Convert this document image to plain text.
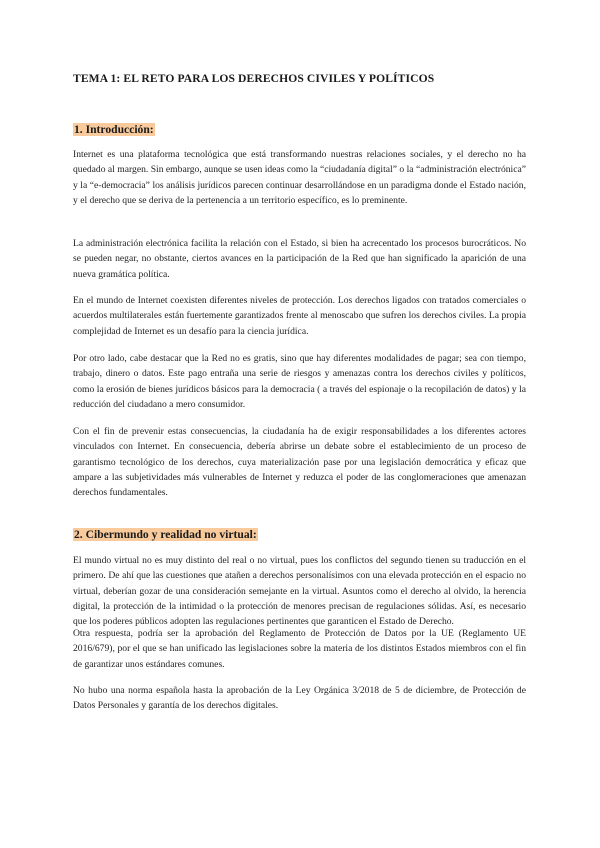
TEMA 1: EL RETO PARA LOS DERECHOS CIVILES Y POLÍTICOS
1. Introducción:

Internet es una plataforma tecnológica que está transformando nuestras relaciones sociales, y el derecho no ha quedado al margen. Sin embargo, aunque se usen ideas como la “ciudadanía digital” o la “administración electrónica” y la “e-democracia” los análisis jurídicos parecen continuar desarrollándose en un paradigma donde el Estado nación, y el derecho que se deriva de la pertenencia a un territorio específico, es lo preminente.

La administración electrónica facilita la relación con el Estado, si bien ha acrecentado los procesos burocráticos. No se pueden negar, no obstante, ciertos avances en la participación de la Red que han significado la aparición de una nueva gramática política.

En el mundo de Internet coexisten diferentes niveles de protección. Los derechos ligados con tratados comerciales o acuerdos multilaterales están fuertemente garantizados frente al menoscabo que sufren los derechos civiles. La propia complejidad de Internet es un desafío para la ciencia jurídica.

Por otro lado, cabe destacar que la Red no es gratis, sino que hay diferentes modalidades de pagar; sea con tiempo, trabajo, dinero o datos. Este pago entraña una serie de riesgos y amenazas contra los derechos civiles y políticos, como la erosión de bienes jurídicos básicos para la democracia ( a través del espionaje o la recopilación de datos) y la reducción del ciudadano a mero consumidor.

Con el fin de prevenir estas consecuencias, la ciudadanía ha de exigir responsabilidades a los diferentes actores vinculados con Internet. En consecuencia, debería abrirse un debate sobre el establecimiento de un proceso de garantismo tecnológico de los derechos, cuya materialización pase por una legislación democrática y eficaz que ampare a las subjetividades más vulnerables de Internet y reduzca el poder de las conglomeraciones que amenazan derechos fundamentales.

2. Cibermundo y realidad no virtual:

El mundo virtual no es muy distinto del real o no virtual, pues los conflictos del segundo tienen su traducción en el primero. De ahí que las cuestiones que atañen a derechos personalísimos con una elevada protección en el espacio no virtual, deberían gozar de una consideración semejante en la virtual. Asuntos como el derecho al olvido, la herencia digital, la protección de la intimidad o la protección de menores precisan de regulaciones sólidas. Así, es necesario que los poderes públicos adopten las regulaciones pertinentes que garanticen el Estado de Derecho.

Otra respuesta, podría ser la aprobación del Reglamento de Protección de Datos por la UE (Reglamento UE 2016/679), por el que se han unificado las legislaciones sobre la materia de los distintos Estados miembros con el fin de garantizar unos estándares comunes.

No hubo una norma española hasta la aprobación de la Ley Orgánica 3/2018 de 5 de diciembre, de Protección de Datos Personales y garantía de los derechos digitales.
